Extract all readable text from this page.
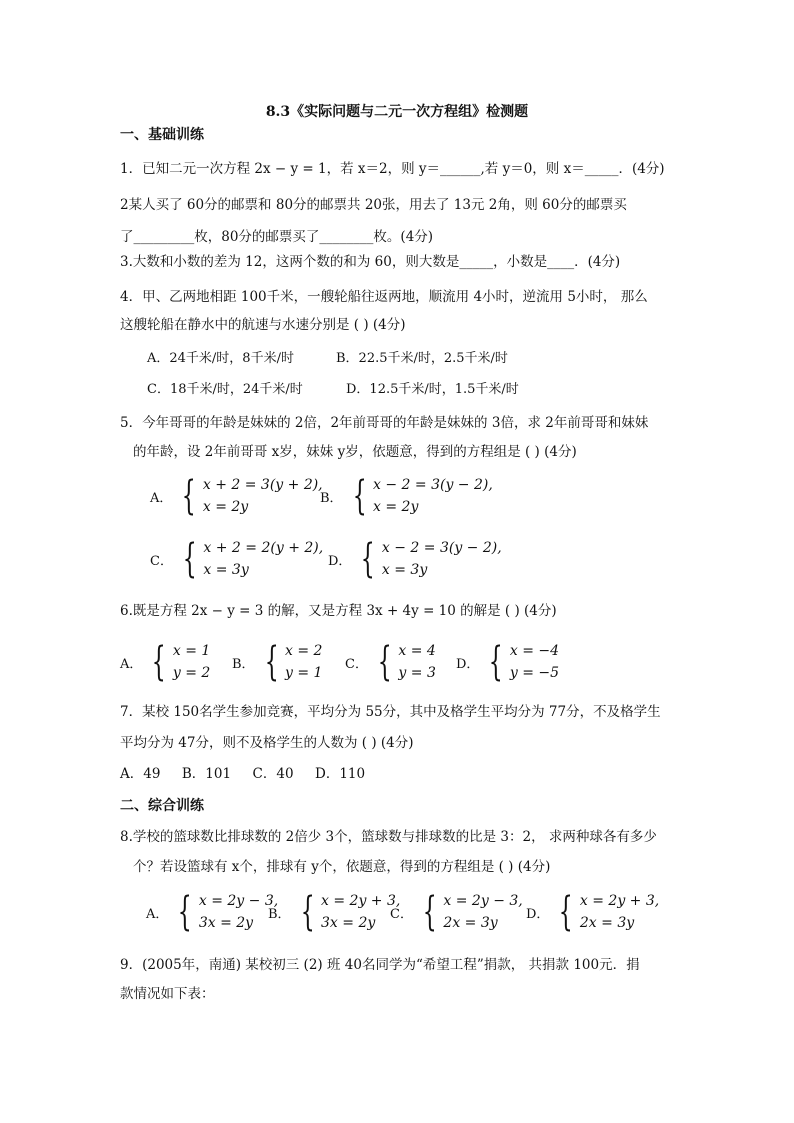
8.3《实际问题与二元一次方程组》检测题
一、基础训练
1．已知二元一次方程 2x − y = 1，若 x＝2，则 y＝______,若 y＝0，则 x＝_____．(4分)
2某人买了 60分的邮票和 80分的邮票共 20张，用去了 13元 2角，则 60分的邮票买
了_________枚，80分的邮票买了________枚。(4分)
3.大数和小数的差为 12，这两个数的和为 60，则大数是_____，小数是____．(4分)
4．甲、乙两地相距 100千米，一艘轮船往返两地，顺流用 4小时，逆流用 5小时， 那么
这艘轮船在静水中的航速与水速分别是 ( ) (4分)
A．24千米/时，8千米/时	B．22.5千米/时，2.5千米/时
C．18千米/时，24千米/时	D．12.5千米/时，1.5千米/时
5．今年哥哥的年龄是妹妹的 2倍，2年前哥哥的年龄是妹妹的 3倍，求 2年前哥哥和妹妹
的年龄，设 2年前哥哥 x岁，妹妹 y岁，依题意，得到的方程组是 ( ) (4分)
A． { x + 2 = 3(y + 2),
x = 2y
B． { x − 2 = 3(y − 2),
x = 2y
C． { x + 2 = 2(y + 2),
x = 3y
D． { x − 2 = 3(y − 2),
x = 3y
6.既是方程 2x − y = 3 的解，又是方程 3x + 4y = 10 的解是 ( ) (4分)
A． { x = 1
y = 2
B． { x = 2
y = 1
C． { x = 4
y = 3
D． { x = −4
y = −5
7．某校 150名学生参加竞赛，平均分为 55分，其中及格学生平均分为 77分，不及格学生
平均分为 47分，则不及格学生的人数为 ( ) (4分)
A．49     B．101     C．40     D．110
二、综合训练
8.学校的篮球数比排球数的 2倍少 3个，篮球数与排球数的比是 3：2， 求两种球各有多少
个？若设篮球有 x个，排球有 y个，依题意，得到的方程组是 ( ) (4分)
A． { x = 2y − 3,
3x = 2y
B． { x = 2y + 3,
3x = 2y
C． { x = 2y − 3,
2x = 3y
D． { x = 2y + 3,
2x = 3y
9．(2005年，南通) 某校初三 (2) 班 40名同学为“希望工程”捐款， 共捐款 100元．捐
款情况如下表：
